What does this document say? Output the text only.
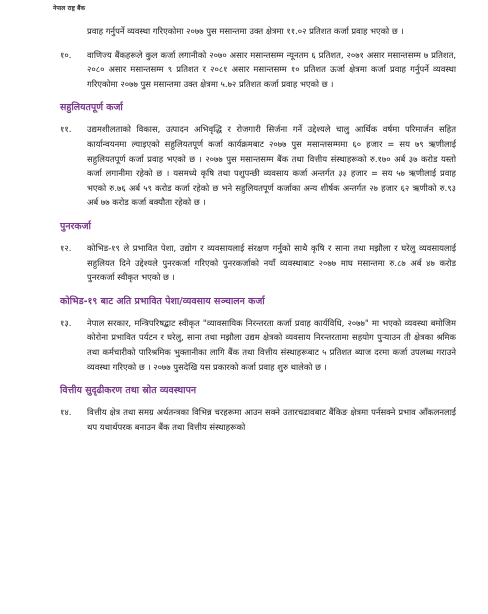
नेपाल राष्ट्र बैंक
प्रवाह गर्नुपर्ने व्यवस्था गरिएकोमा २०७७ पुस मसान्तमा उक्त क्षेत्रमा ११.०२ प्रतिशत कर्जा प्रवाह भएको छ ।
१०. वाणिज्य बैंकहरूले कुल कर्जा लगानीको २०७० असार मसान्तसम्म न्यूनतम ६ प्रतिशत, २०७१ असार मसान्तसम्म ७ प्रतिशत, २०८० असार मसान्तसम्म ९ प्रतिशत र २०८१ असार मसान्तसम्म १० प्रतिशत ऊर्जा क्षेत्रमा कर्जा प्रवाह गर्नुपर्ने व्यवस्था गरिएकोमा २०७७ पुस मसान्तमा उक्त क्षेत्रमा ५.७२ प्रतिशत कर्जा प्रवाह भएको छ ।
सहुलियतपूर्ण कर्जा
११. उद्यमशीलताको विकास, उत्पादन अभिवृद्धि र रोजगारी सिर्जना गर्ने उद्देश्यले चालु आर्थिक वर्षमा परिमार्जन सहित कार्यान्वयनमा ल्याइएको सहुलियतपूर्ण कर्जा कार्यक्रमबाट २०७७ पुस मसान्तसम्ममा ६० हजार = सय ७९ ऋणीलाई सहुलियतपूर्ण कर्जा प्रवाह भएको छ । २०७७ पुस मसान्तसम्म बैंक तथा वित्तीय संस्थाहरूको रु.१७० अर्ब ३७ करोड यस्तो कर्जा लगानीमा रहेको छ । यसमध्ये कृषि तथा पशुपन्छी व्यवसाय कर्जा अन्तर्गत ३३ हजार = सय ५७ ऋणीलाई प्रवाह भएको रु.७६ अर्ब ५९ करोड कर्जा रहेको छ भने सहुलियतपूर्ण कर्जाका अन्य शीर्षक अन्तर्गत २७ हजार ६२ ऋणीको रु.९३ अर्ब ७७ करोड कर्जा बक्यौता रहेको छ ।
पुनरकर्जा
१२. कोभिड-१९ ले प्रभावित पेशा, उद्योग र व्यवसायलाई संरक्षण गर्नुको साथै कृषि र साना तथा मझौला र घरेलु व्यवसायलाई सहुलियत दिने उद्देश्यले पुनरकर्जा गरिएको पुनरकर्जाको नयाँ व्यवस्थाबाट २०७७ माघ मसान्तमा रु.८७ अर्ब ४७ करोड पुनरकर्जा स्वीकृत भएको छ ।
कोभिड-१९ बाट अति प्रभावित पेशा/व्यवसाय सञ्चालन कर्जा
१३. नेपाल सरकार, मन्त्रिपरिषद्बाट स्वीकृत "व्यावसायिक निरन्तरता कर्जा प्रवाह कार्यविधि, २०७७" मा भएको व्यवस्था बमोजिम कोरोना प्रभावित पर्यटन र घरेलु, साना तथा मझौला उद्यम क्षेत्रको व्यवसाय निरन्तरतामा सहयोग पुऱ्याउन ती क्षेत्रका श्रमिक तथा कर्मचारीको पारिश्रमिक भुक्तानीका लागि बैंक तथा वित्तीय संस्थाहरूबाट ५ प्रतिशत ब्याज दरमा कर्जा उपलब्ध गराउने व्यवस्था गरिएको छ । २०७७ पुसदेखि यस प्रकारको कर्जा प्रवाह शुरु थालेको छ ।
वित्तीय सुदृढीकरण तथा स्रोत व्यवस्थापन
१४. वित्तीय क्षेत्र तथा समग्र अर्थतन्त्रका विभिन्न चरहरूमा आउन सक्ने उतारचढावबाट बैंकिङ क्षेत्रमा पर्नसक्ने प्रभाव आँकलनलाई थप यथार्थपरक बनाउन बैंक तथा वित्तीय संस्थाहरूको
